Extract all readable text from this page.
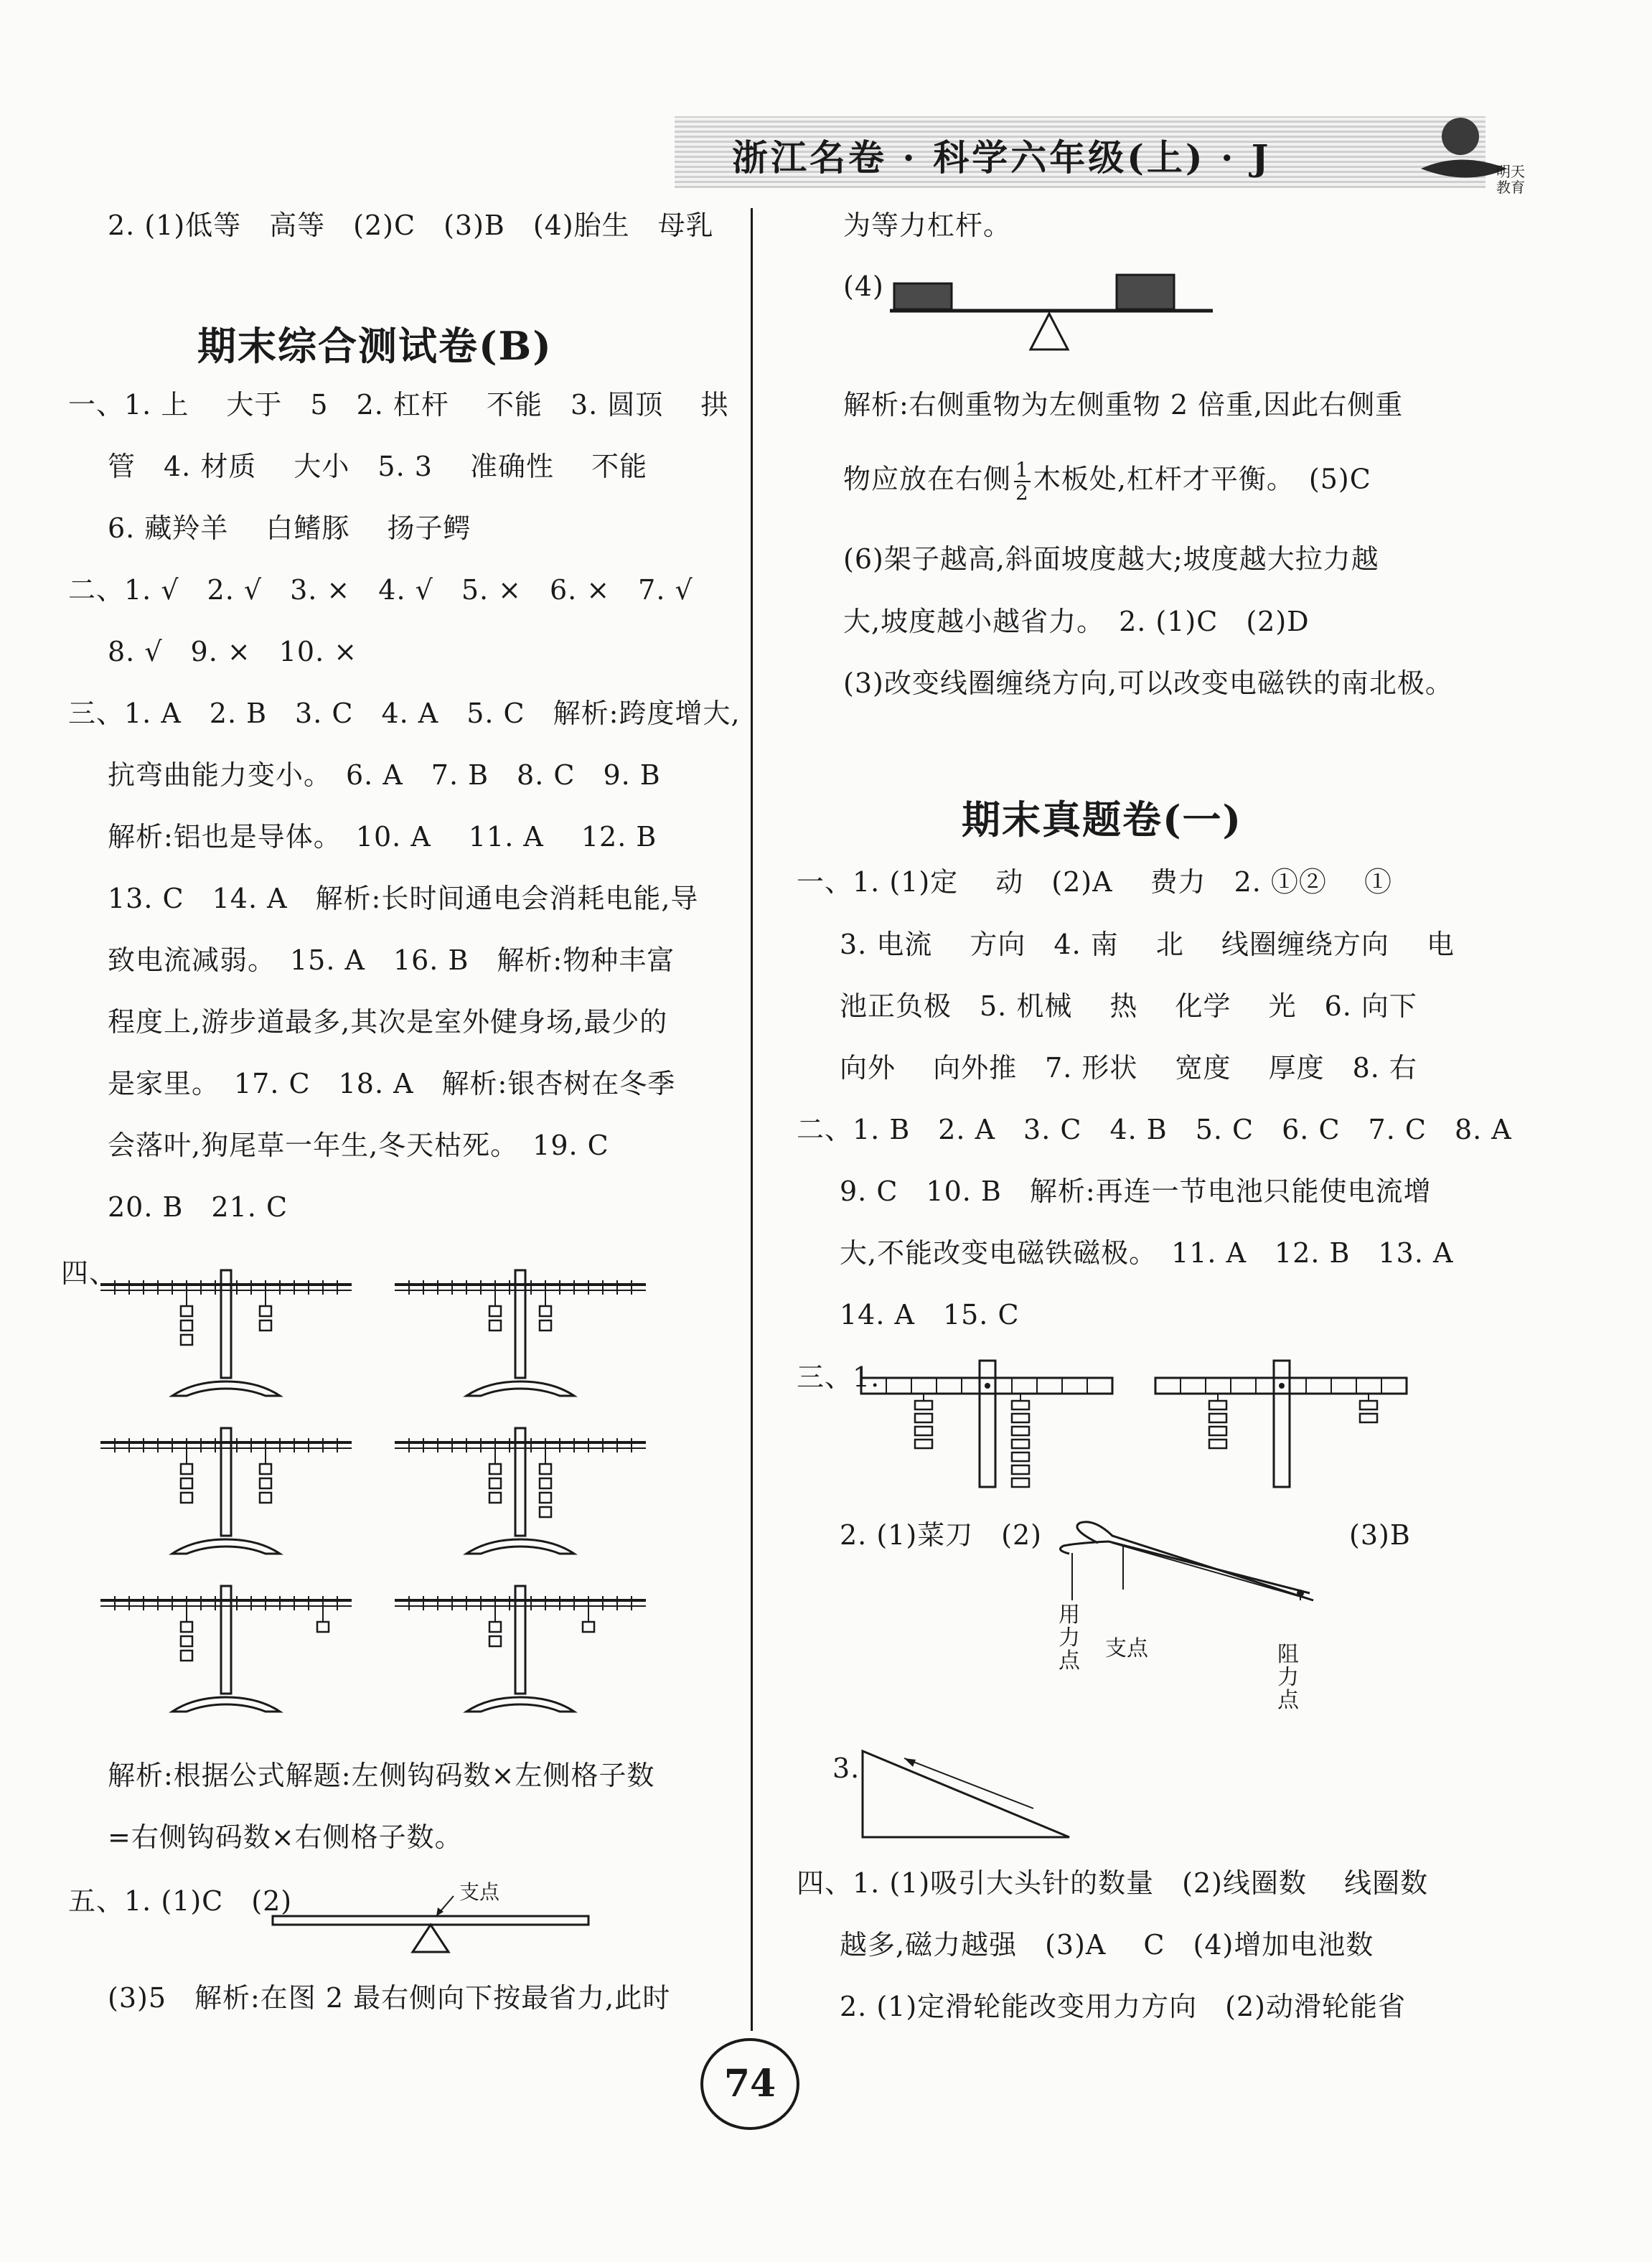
浙江名卷 · 科学六年级(上) · J	明天
教育
2. (1)低等　高等　(2)C　(3)B　(4)胎生　母乳
期末综合测试卷(B)
一、1. 上　 大于　5　2. 杠杆　 不能　3. 圆顶　 拱
管　4. 材质　 大小　5. 3　 准确性　 不能
6. 藏羚羊　 白鳍豚　 扬子鳄
二、1. √　2. √　3. ×　4. √　5. ×　6. ×　7. √
8. √　9. ×　10. ×
三、1. A　2. B　3. C　4. A　5. C　解析:跨度增大,
抗弯曲能力变小。　6. A　7. B　8. C　9. B
解析:铝也是导体。　10. A　 11. A　 12. B
13. C　14. A　解析:长时间通电会消耗电能,导
致电流减弱。　15. A　16. B　解析:物种丰富
程度上,游步道最多,其次是室外健身场,最少的
是家里。　17. C　18. A　解析:银杏树在冬季
会落叶,狗尾草一年生,冬天枯死。　19. C
20. B　21. C
四、
解析:根据公式解题:左侧钩码数×左侧格子数
=右侧钩码数×右侧格子数。
五、1. (1)C　(2)	支点
(3)5　解析:在图 2 最右侧向下按最省力,此时
为等力杠杆。
(4)
解析:右侧重物为左侧重物 2 倍重,因此右侧重
物应放在右侧 $\frac{1}{2}$ 木板处,杠杆才平衡。　(5)C
(6)架子越高,斜面坡度越大;坡度越大拉力越
大,坡度越小越省力。　2. (1)C　(2)D
(3)改变线圈缠绕方向,可以改变电磁铁的南北极。
期末真题卷(一)
一、1. (1)定　 动　(2)A　 费力　2. ①②　 ①
3. 电流　 方向　4. 南　 北　 线圈缠绕方向　 电
池正负极　5. 机械　 热　 化学　 光　6. 向下
向外　 向外推　7. 形状　 宽度　 厚度　8. 右
二、1. B　2. A　3. C　4. B　5. C　6. C　7. C　8. A
9. C　10. B　解析:再连一节电池只能使电流增
大,不能改变电磁铁磁极。　11. A　12. B　13. A
14. A　15. C
三、1.
2. (1)菜刀　(2)	(3)B
用力点 支点	阻力点
3.
四、1. (1)吸引大头针的数量　(2)线圈数　 线圈数
越多,磁力越强　(3)A　 C　(4)增加电池数
2. (1)定滑轮能改变用力方向　(2)动滑轮能省
74
